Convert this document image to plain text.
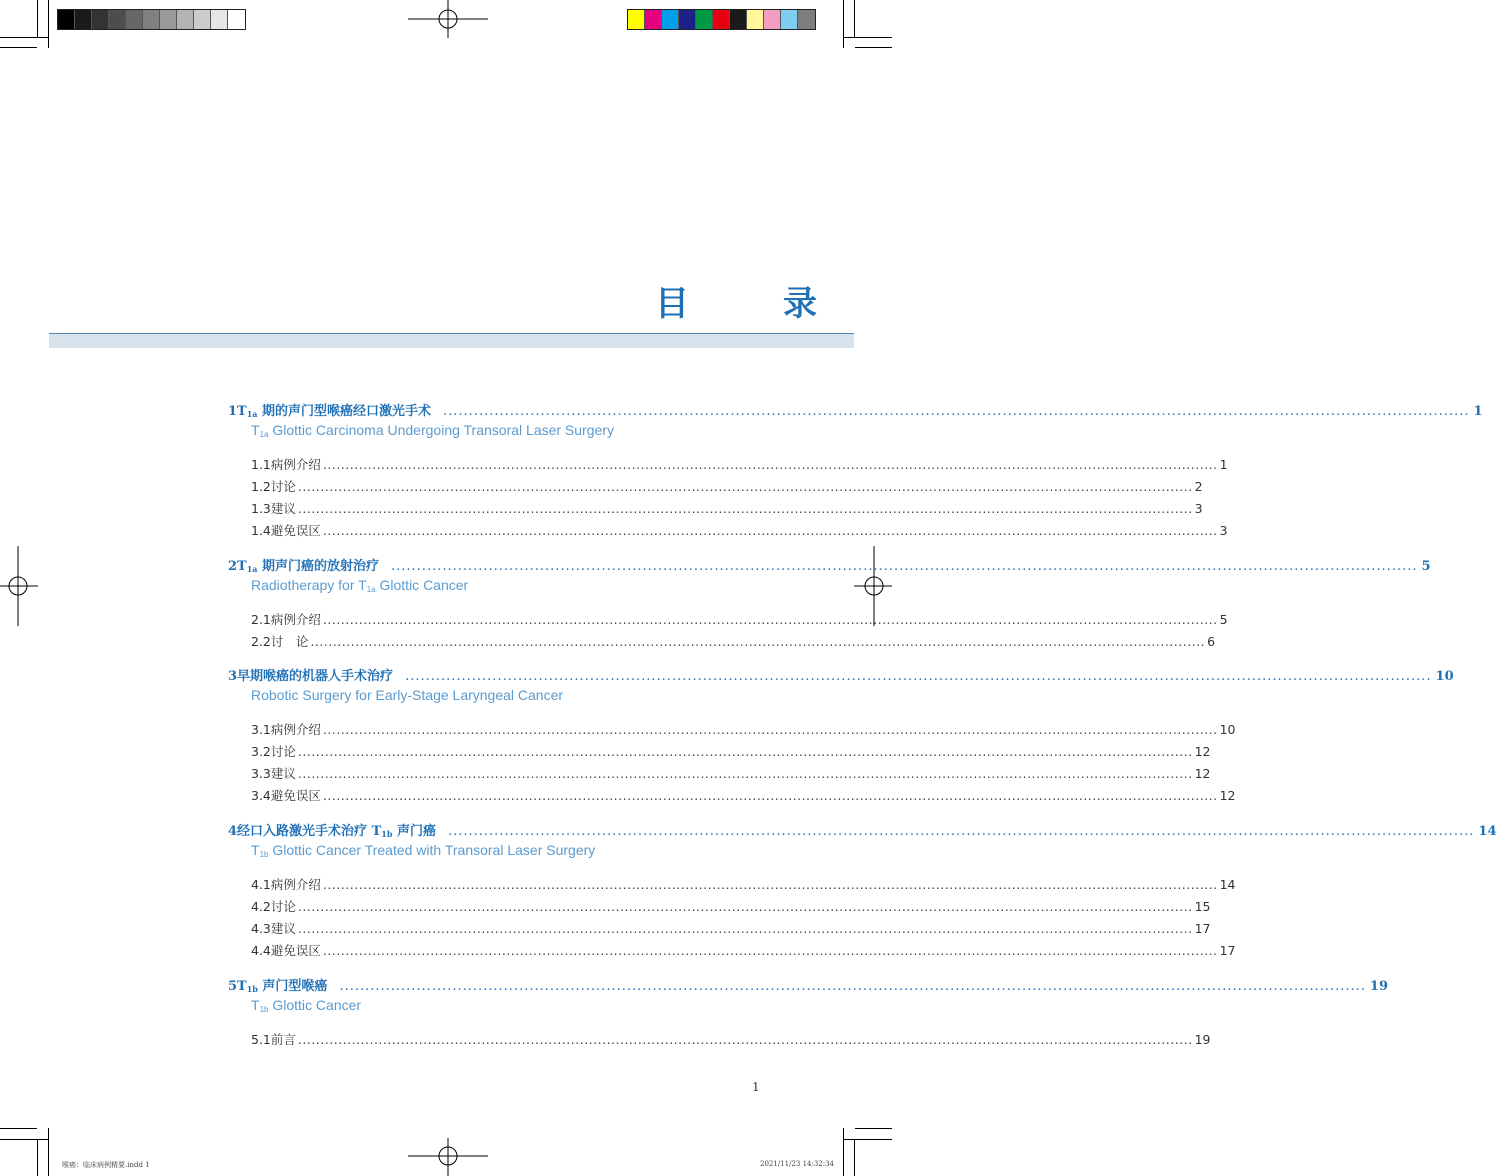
目　录
1 $T_{1a}$ 期的声门型喉癌经口激光手术 ........................................................................................................................................................................................................ 1
$T_{1a}$ Glottic Carcinoma Undergoing Transoral Laser Surgery
1.1 病例介绍 ........................................................................................................................................................................................................ 1
1.2 讨论 ........................................................................................................................................................................................................ 2
1.3 建议 ........................................................................................................................................................................................................ 3
1.4 避免误区 ........................................................................................................................................................................................................ 3
2 $T_{1a}$ 期声门癌的放射治疗 ........................................................................................................................................................................................................ 5
Radiotherapy for $T_{1a}$ Glottic Cancer
2.1 病例介绍 ........................................................................................................................................................................................................ 5
2.2 讨　论 ........................................................................................................................................................................................................ 6
3 早期喉癌的机器人手术治疗 ........................................................................................................................................................................................................ 10
Robotic Surgery for Early-Stage Laryngeal Cancer
3.1 病例介绍 ........................................................................................................................................................................................................ 10
3.2 讨论 ........................................................................................................................................................................................................ 12
3.3 建议 ........................................................................................................................................................................................................ 12
3.4 避免误区 ........................................................................................................................................................................................................ 12
4 经口入路激光手术治疗 $T_{1b}$ 声门癌 ........................................................................................................................................................................................................ 14
$T_{1b}$ Glottic Cancer Treated with Transoral Laser Surgery
4.1 病例介绍 ........................................................................................................................................................................................................ 14
4.2 讨论 ........................................................................................................................................................................................................ 15
4.3 建议 ........................................................................................................................................................................................................ 17
4.4 避免误区 ........................................................................................................................................................................................................ 17
5 $T_{1b}$ 声门型喉癌 ........................................................................................................................................................................................................ 19
$T_{1b}$ Glottic Cancer
5.1 前言 ........................................................................................................................................................................................................ 19
1
喉癌：临床病例精要.indd 1	2021/11/23 14:32:34
